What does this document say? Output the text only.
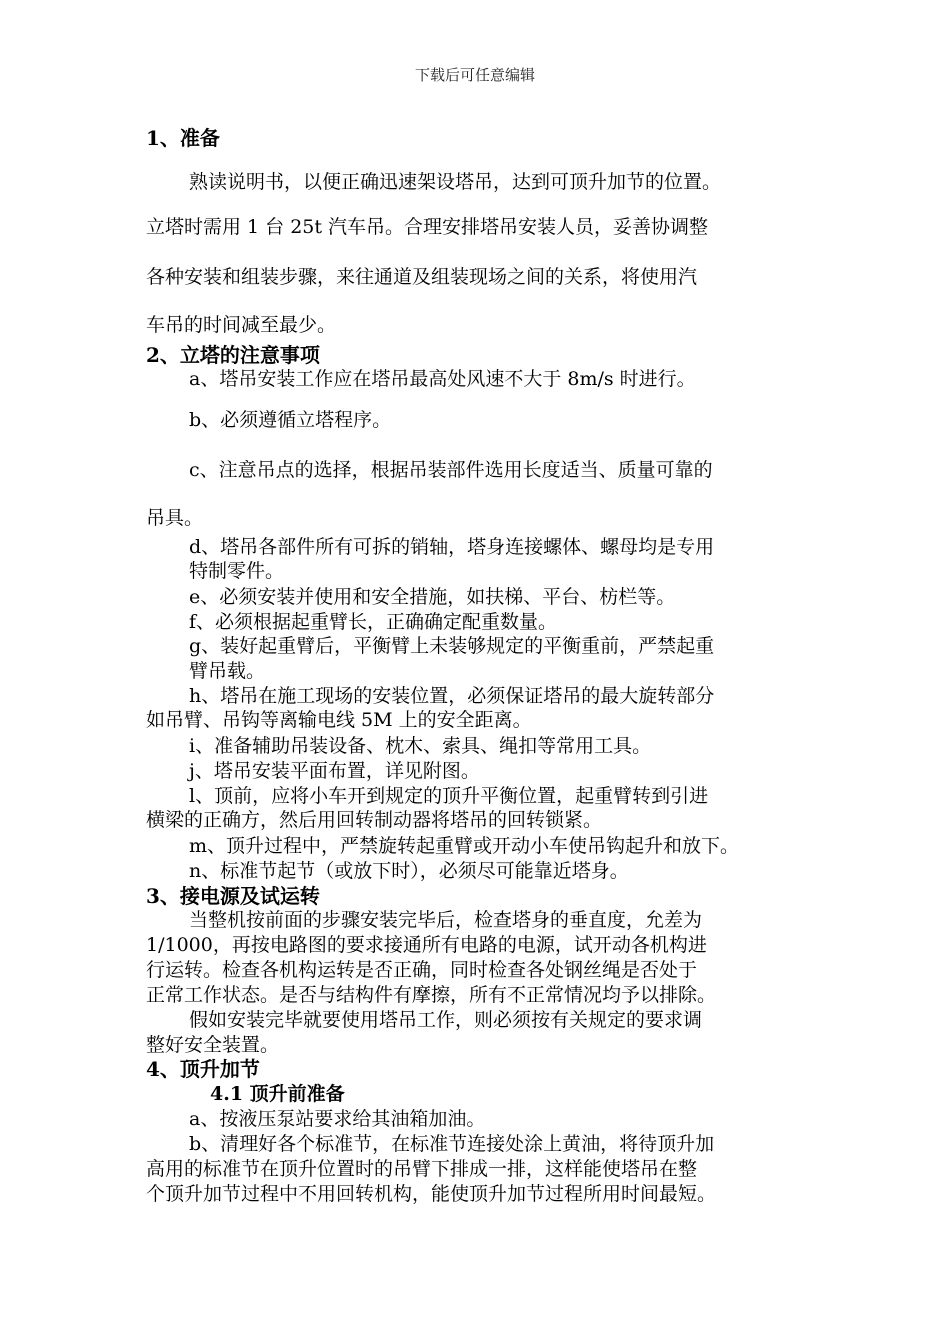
下载后可任意编辑
1、准备
熟读说明书，以便正确迅速架设塔吊，达到可顶升加节的位置。
立塔时需用 1 台 25t 汽车吊。合理安排塔吊安装人员，妥善协调整
各种安装和组装步骤，来往通道及组装现场之间的关系，将使用汽
车吊的时间减至最少。
2、立塔的注意事项
a、塔吊安装工作应在塔吊最高处风速不大于 8m/s 时进行。
b、必须遵循立塔程序。
c、注意吊点的选择，根据吊装部件选用长度适当、质量可靠的
吊具。
d、塔吊各部件所有可拆的销轴，塔身连接螺体、螺母均是专用
特制零件。
e、必须安装并使用和安全措施，如扶梯、平台、枋栏等。
f、必须根据起重臂长，正确确定配重数量。
g、装好起重臂后，平衡臂上未装够规定的平衡重前，严禁起重
臂吊载。
h、塔吊在施工现场的安装位置，必须保证塔吊的最大旋转部分
如吊臂、吊钩等离输电线 5M 上的安全距离。
i、准备辅助吊装设备、枕木、索具、绳扣等常用工具。
j、塔吊安装平面布置，详见附图。
l、顶前，应将小车开到规定的顶升平衡位置，起重臂转到引进
横梁的正确方，然后用回转制动器将塔吊的回转锁紧。
m、顶升过程中，严禁旋转起重臂或开动小车使吊钩起升和放下。
n、标准节起节（或放下时），必须尽可能靠近塔身。
3、接电源及试运转
当整机按前面的步骤安装完毕后，检查塔身的垂直度，允差为
1/1000，再按电路图的要求接通所有电路的电源，试开动各机构进
行运转。检查各机构运转是否正确，同时检查各处钢丝绳是否处于
正常工作状态。是否与结构件有摩擦，所有不正常情况均予以排除。
假如安装完毕就要使用塔吊工作，则必须按有关规定的要求调
整好安全装置。
4、顶升加节
4.1 顶升前准备
a、按液压泵站要求给其油箱加油。
b、清理好各个标准节，在标准节连接处涂上黄油，将待顶升加
高用的标准节在顶升位置时的吊臂下排成一排，这样能使塔吊在整
个顶升加节过程中不用回转机构，能使顶升加节过程所用时间最短。
